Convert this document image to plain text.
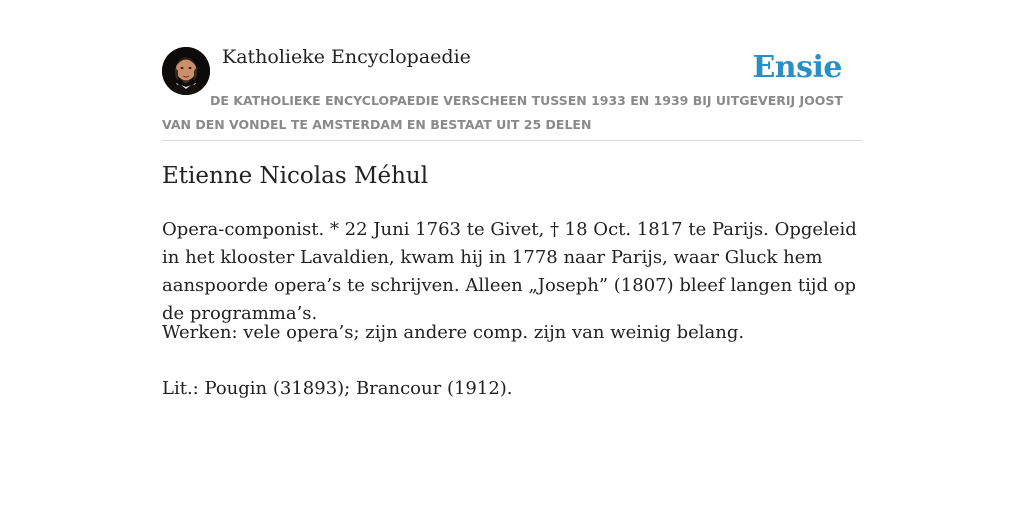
Katholieke Encyclopaedie	Ensie
DE KATHOLIEKE ENCYCLOPAEDIE VERSCHEEN TUSSEN 1933 EN 1939 BIJ UITGEVERIJ JOOST VAN DEN VONDEL TE AMSTERDAM EN BESTAAT UIT 25 DELEN
Etienne Nicolas Méhul

Opera-componist. * 22 Juni 1763 te Givet, † 18 Oct. 1817 te Parijs. Opgeleid in het klooster Lavaldien, kwam hij in 1778 naar Parijs, waar Gluck hem aanspoorde opera’s te schrijven. Alleen „Joseph” (1807) bleef langen tijd op de programma’s.

Werken: vele opera’s; zijn andere comp. zijn van weinig belang.

Lit.: Pougin (31893); Brancour (1912).
